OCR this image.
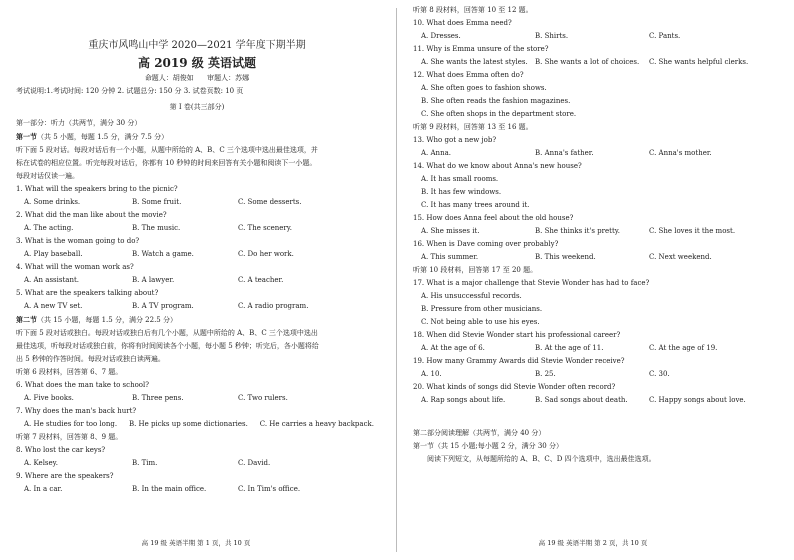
重庆市风鸣山中学 2020—2021 学年度下期半期
高 2019 级 英语试题
命题人：胡俊如 审题人：苏娜
考试说明:1.考试时间: 120 分钟 2. 试题总分: 150 分 3. 试卷页数: 10 页
第 I 卷(共三部分)
第一部分：听力（共两节，满分 30 分）
第一节（共 5 小题，每题 1.5 分，满分 7.5 分）
听下面 5 段对话。每段对话后有一个小题，从题中所给的 A、B、C 三个选项中选出最佳选项，并
标在试卷的相应位置。听完每段对话后，你都有 10 秒钟的时间来回答有关小题和阅读下一小题。
每段对话仅读一遍。
1. What will the speakers bring to the picnic?
A. Some drinks.	B. Some fruit.	C. Some desserts.
2. What did the man like about the movie?
A. The acting.	B. The music.	C. The scenery.
3. What is the woman going to do?
A. Play baseball.	B. Watch a game.	C. Do her work.
4. What will the woman work as?
A. An assistant.	B. A lawyer.	C. A teacher.
5. What are the speakers talking about?
A. A new TV set.	B. A TV program.	C. A radio program.
第二节（共 15 小题，每题 1.5 分，满分 22.5 分）
听下面 5 段对话或独白。每段对话或独白后有几个小题，从题中所给的 A、B、C 三个选项中选出
最佳选项，听每段对话或独白前，你将有时间阅读各个小题，每小题 5 秒钟；听完后，各小题将给
出 5 秒钟的作答时间。每段对话或独白读两遍。
听第 6 段材料，回答第 6、7 题。
6. What does the man take to school?
A. Five books.	B. Three pens.	C. Two rulers.
7. Why does the man's back hurt?
A. He studies for too long. B. He picks up some dictionaries. C. He carries a heavy backpack.
听第 7 段材料，回答第 8、9 题。
8. Who lost the car keys?
A. Kelsey.	B. Tim.	C. David.
9. Where are the speakers?
A. In a car.	B. In the main office.	C. In Tim's office.
高 19 级 英语半期 第 1 页，共 10 页
听第 8 段材料，回答第 10 至 12 题。
10. What does Emma need?
A. Dresses.	B. Shirts.	C. Pants.
11. Why is Emma unsure of the store?
A. She wants the latest styles.	B. She wants a lot of choices.	C. She wants helpful clerks.
12. What does Emma often do?
A. She often goes to fashion shows.
B. She often reads the fashion magazines.
C. She often shops in the department store.
听第 9 段材料，回答第 13 至 16 题。
13. Who got a new job?
A. Anna.	B. Anna's father.	C. Anna's mother.
14. What do we know about Anna's new house?
A. It has small rooms.
B. It has few windows.
C. It has many trees around it.
15. How does Anna feel about the old house?
A. She misses it.	B. She thinks it's pretty.	C. She loves it the most.
16. When is Dave coming over probably?
A. This summer.	B. This weekend.	C. Next weekend.
听第 10 段材料，回答第 17 至 20 题。
17. What is a major challenge that Stevie Wonder has had to face?
A. His unsuccessful records.
B. Pressure from other musicians.
C. Not being able to use his eyes.
18. When did Stevie Wonder start his professional career?
A. At the age of 6.	B. At the age of 11.	C. At the age of 19.
19. How many Grammy Awards did Stevie Wonder receive?
A. 10.	B. 25.	C. 30.
20. What kinds of songs did Stevie Wonder often record?
A. Rap songs about life.	B. Sad songs about death.	C. Happy songs about love.
第二部分阅读理解（共两节，满分 40 分）
第一节（共 15 小题;每小题 2 分，满分 30 分）
阅读下列短文，从每题所给的 A、B、C、D 四个选项中，选出最佳选项。
高 19 级 英语半期 第 2 页，共 10 页
